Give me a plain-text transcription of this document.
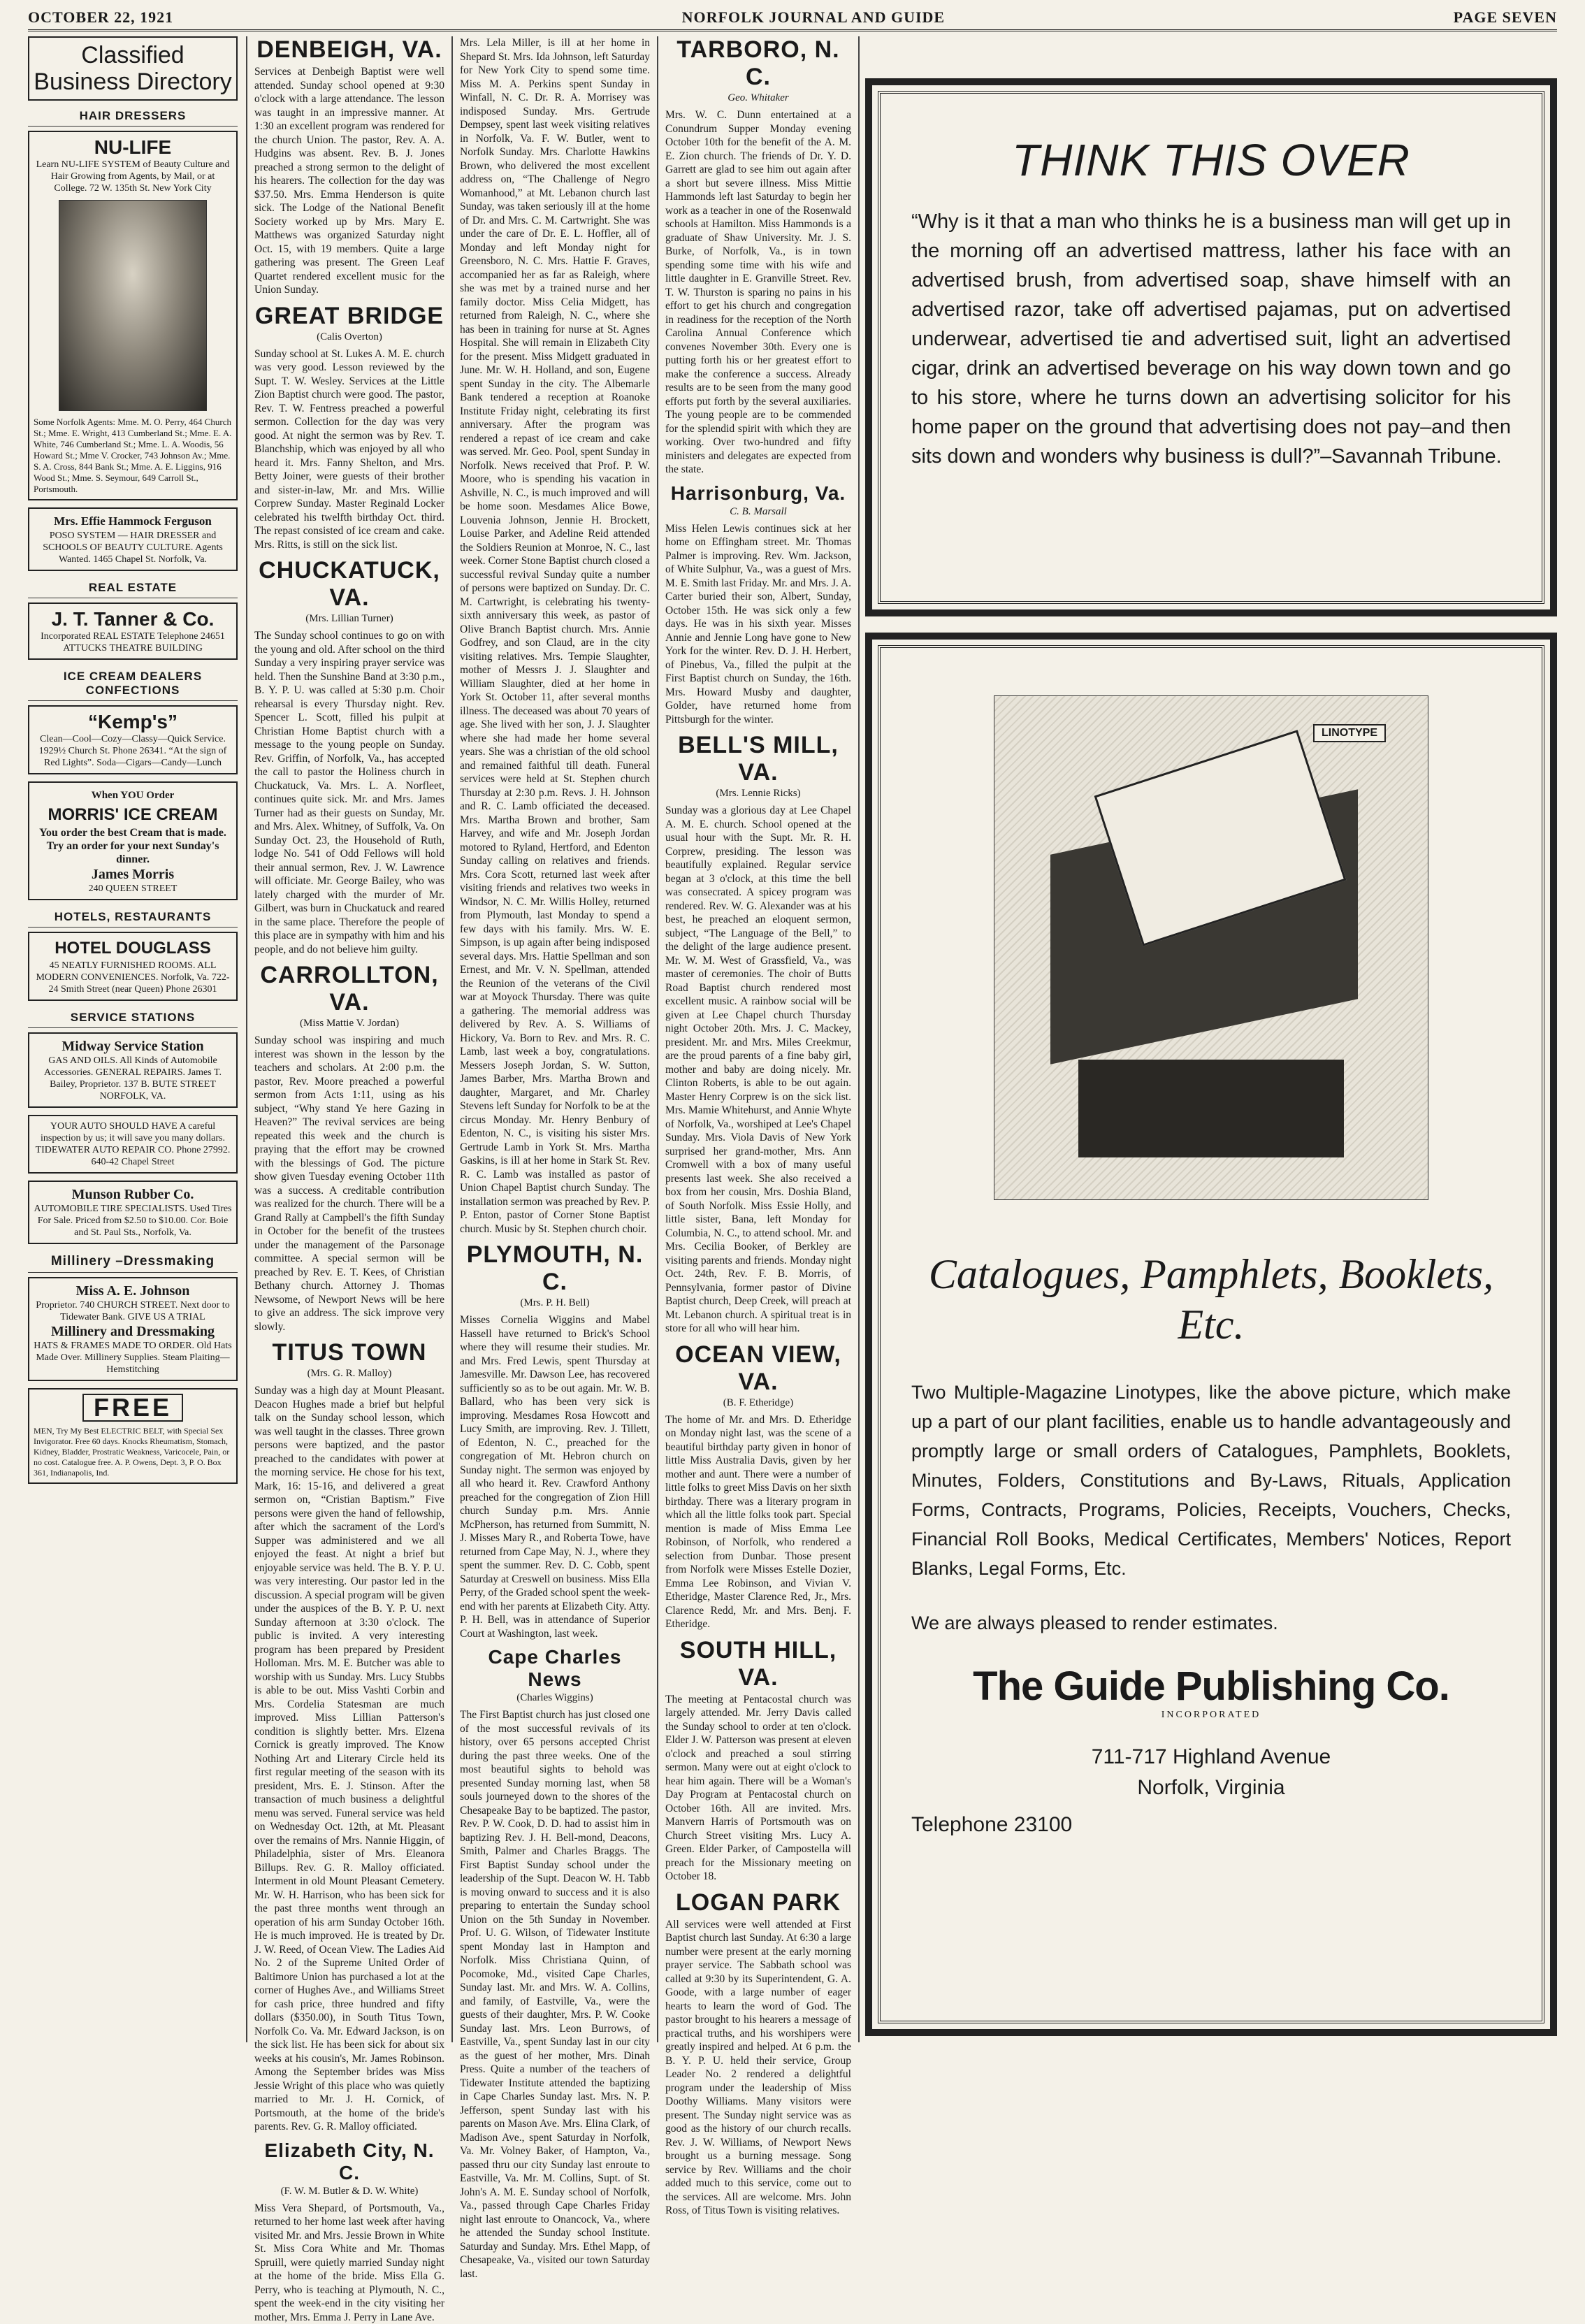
OCTOBER 22, 1921	NORFOLK JOURNAL AND GUIDE	PAGE SEVEN
Classified Business Directory
HAIR DRESSERS
NU-LIFE
Learn NU-LIFE SYSTEM of Beauty Culture and Hair Growing from Agents, by Mail, or at College. 72 W. 135th St. New York City
Some Norfolk Agents: Mme. M. O. Perry, 464 Church St.; Mme. E. Wright, 413 Cumberland St.; Mme. E. A. White, 746 Cumberland St.; Mme. L. A. Woodis, 56 Howard St.; Mme V. Crocker, 743 Johnson Av.; Mme. S. A. Cross, 844 Bank St.; Mme. A. E. Liggins, 916 Wood St.; Mme. S. Seymour, 649 Carroll St., Portsmouth.
Mrs. Effie Hammock Ferguson
POSO SYSTEM — HAIR DRESSER and SCHOOLS OF BEAUTY CULTURE. Agents Wanted. 1465 Chapel St. Norfolk, Va.
REAL ESTATE
J. T. Tanner & Co.
Incorporated REAL ESTATE Telephone 24651 ATTUCKS THEATRE BUILDING
ICE CREAM DEALERS CONFECTIONS
“Kemp's”
Clean—Cool—Cozy—Classy—Quick Service. 1929½ Church St. Phone 26341. “At the sign of Red Lights”. Soda—Cigars—Candy—Lunch
When YOU Order
MORRIS' ICE CREAM
You order the best Cream that is made. Try an order for your next Sunday's dinner.
James Morris
240 QUEEN STREET
HOTELS, RESTAURANTS
HOTEL DOUGLASS
45 NEATLY FURNISHED ROOMS. ALL MODERN CONVENIENCES. Norfolk, Va. 722-24 Smith Street (near Queen) Phone 26301
SERVICE STATIONS
Midway Service Station
GAS AND OILS. All Kinds of Automobile Accessories. GENERAL REPAIRS. James T. Bailey, Proprietor. 137 B. BUTE STREET NORFOLK, VA.
YOUR AUTO SHOULD HAVE A careful inspection by us; it will save you many dollars. TIDEWATER AUTO REPAIR CO. Phone 27992. 640-42 Chapel Street
Munson Rubber Co.
AUTOMOBILE TIRE SPECIALISTS. Used Tires For Sale. Priced from $2.50 to $10.00. Cor. Boie and St. Paul Sts., Norfolk, Va.
Millinery –Dressmaking
Miss A. E. Johnson
Proprietor. 740 CHURCH STREET. Next door to Tidewater Bank. GIVE US A TRIAL
Millinery and Dressmaking
HATS & FRAMES MADE TO ORDER. Old Hats Made Over. Millinery Supplies. Steam Plaiting—Hemstitching
FREE
MEN, Try My Best ELECTRIC BELT, with Special Sex Invigorator. Free 60 days. Knocks Rheumatism, Stomach, Kidney, Bladder, Prostratic Weakness, Varicocele, Pain, or no cost. Catalogue free. A. P. Owens, Dept. 3, P. O. Box 361, Indianapolis, Ind.
DENBEIGH, VA.

Services at Denbeigh Baptist were well attended. Sunday school opened at 9:30 o'clock with a large attendance. The lesson was taught in an impressive manner. At 1:30 an excellent program was rendered for the church Union. The pastor, Rev. A. A. Hudgins was absent. Rev. B. J. Jones preached a strong sermon to the delight of his hearers. The collection for the day was $37.50. Mrs. Emma Henderson is quite sick. The Lodge of the National Benefit Society worked up by Mrs. Mary E. Matthews was organized Saturday night Oct. 15, with 19 members. Quite a large gathering was present. The Green Leaf Quartet rendered excellent music for the Union Sunday.

GREAT BRIDGE
(Calis Overton)

Sunday school at St. Lukes A. M. E. church was very good. Lesson reviewed by the Supt. T. W. Wesley. Services at the Little Zion Baptist church were good. The pastor, Rev. T. W. Fentress preached a powerful sermon. Collection for the day was very good. At night the sermon was by Rev. T. Blanchship, which was enjoyed by all who heard it. Mrs. Fanny Shelton, and Mrs. Betty Joiner, were guests of their brother and sister-in-law, Mr. and Mrs. Willie Corprew Sunday. Master Reginald Locker celebrated his twelfth birthday Oct. third. The repast consisted of ice cream and cake. Mrs. Ritts, is still on the sick list.

CHUCKATUCK, VA.
(Mrs. Lillian Turner)

The Sunday school continues to go on with the young and old. After school on the third Sunday a very inspiring prayer service was held. Then the Sunshine Band at 3:30 p.m., B. Y. P. U. was called at 5:30 p.m. Choir rehearsal is every Thursday night. Rev. Spencer L. Scott, filled his pulpit at Christian Home Baptist church with a message to the young people on Sunday. Rev. Griffin, of Norfolk, Va., has accepted the call to pastor the Holiness church in Chuckatuck, Va. Mrs. L. A. Norfleet, continues quite sick. Mr. and Mrs. James Turner had as their guests on Sunday, Mr. and Mrs. Alex. Whitney, of Suffolk, Va. On Sunday Oct. 23, the Household of Ruth, lodge No. 541 of Odd Fellows will hold their annual sermon, Rev. J. W. Lawrence will officiate. Mr. George Bailey, who was lately charged with the murder of Mr. Gilbert, was burn in Chuckatuck and reared in the same place. Therefore the people of this place are in sympathy with him and his people, and do not believe him guilty.

CARROLLTON, VA.
(Miss Mattie V. Jordan)

Sunday school was inspiring and much interest was shown in the lesson by the teachers and scholars. At 2:00 p.m. the pastor, Rev. Moore preached a powerful sermon from Acts 1:11, using as his subject, “Why stand Ye here Gazing in Heaven?” The revival services are being repeated this week and the church is praying that the effort may be crowned with the blessings of God. The picture show given Tuesday evening October 11th was a success. A creditable contribution was realized for the church. There will be a Grand Rally at Campbell's the fifth Sunday in October for the benefit of the trustees under the management of the Parsonage committee. A special sermon will be preached by Rev. E. T. Kees, of Christian Bethany church. Attorney J. Thomas Newsome, of Newport News will be here to give an address. The sick improve very slowly.

TITUS TOWN
(Mrs. G. R. Malloy)

Sunday was a high day at Mount Pleasant. Deacon Hughes made a brief but helpful talk on the Sunday school lesson, which was well taught in the classes. Three grown persons were baptized, and the pastor preached to the candidates with power at the morning service. He chose for his text, Mark, 16: 15-16, and delivered a great sermon on, “Cristian Baptism.” Five persons were given the hand of fellowship, after which the sacrament of the Lord's Supper was administered and we all enjoyed the feast. At night a brief but enjoyable service was held. The B. Y. P. U. was very interesting. Our pastor led in the discussion. A special program will be given under the auspices of the B. Y. P. U. next Sunday afternoon at 3:30 o'clock. The public is invited. A very interesting program has been prepared by President Holloman. Mrs. M. E. Butcher was able to worship with us Sunday. Mrs. Lucy Stubbs is able to be out. Miss Vashti Corbin and Mrs. Cordelia Statesman are much improved. Miss Lillian Patterson's condition is slightly better. Mrs. Elzena Cornick is greatly improved. The Know Nothing Art and Literary Circle held its first regular meeting of the season with its president, Mrs. E. J. Stinson. After the transaction of much business a delightful menu was served. Funeral service was held on Wednesday Oct. 12th, at Mt. Pleasant over the remains of Mrs. Nannie Higgin, of Philadelphia, sister of Mrs. Eleanora Billups. Rev. G. R. Malloy officiated. Interment in old Mount Pleasant Cemetery. Mr. W. H. Harrison, who has been sick for the past three months went through an operation of his arm Sunday October 16th. He is much improved. He is treated by Dr. J. W. Reed, of Ocean View. The Ladies Aid No. 2 of the Supreme United Order of Baltimore Union has purchased a lot at the corner of Hughes Ave., and Williams Street for cash price, three hundred and fifty dollars ($350.00), in South Titus Town, Norfolk Co. Va. Mr. Edward Jackson, is on the sick list. He has been sick for about six weeks at his cousin's, Mr. James Robinson. Among the September brides was Miss Jessie Wright of this place who was quietly married to Mr. J. H. Cornick, of Portsmouth, at the home of the bride's parents. Rev. G. R. Malloy officiated.

Elizabeth City, N. C.
(F. W. M. Butler & D. W. White)

Miss Vera Shepard, of Portsmouth, Va., returned to her home last week after having visited Mr. and Mrs. Jessie Brown in White St. Miss Cora White and Mr. Thomas Spruill, were quietly married Sunday night at the home of the bride. Miss Ella G. Perry, who is teaching at Plymouth, N. C., spent the week-end in the city visiting her mother, Mrs. Emma J. Perry in Lane Ave.

Mrs. Lela Miller, is ill at her home in Shepard St. Mrs. Ida Johnson, left Saturday for New York City to spend some time. Miss M. A. Perkins spent Sunday in Winfall, N. C. Dr. R. A. Morrisey was indisposed Sunday. Mrs. Gertrude Dempsey, spent last week visiting relatives in Norfolk, Va. F. W. Butler, went to Norfolk Sunday. Mrs. Charlotte Hawkins Brown, who delivered the most excellent address on, “The Challenge of Negro Womanhood,” at Mt. Lebanon church last Sunday, was taken seriously ill at the home of Dr. and Mrs. C. M. Cartwright. She was under the care of Dr. E. L. Hoffler, all of Monday and left Monday night for Greensboro, N. C. Mrs. Hattie F. Graves, accompanied her as far as Raleigh, where she was met by a trained nurse and her family doctor. Miss Celia Midgett, has returned from Raleigh, N. C., where she has been in training for nurse at St. Agnes Hospital. She will remain in Elizabeth City for the present. Miss Midgett graduated in June. Mr. W. H. Holland, and son, Eugene spent Sunday in the city. The Albemarle Bank tendered a reception at Roanoke Institute Friday night, celebrating its first anniversary. After the program was rendered a repast of ice cream and cake was served. Mr. Geo. Pool, spent Sunday in Norfolk. News received that Prof. P. W. Moore, who is spending his vacation in Ashville, N. C., is much improved and will be home soon. Mesdames Alice Bowe, Louvenia Johnson, Jennie H. Brockett, Louise Parker, and Adeline Reid attended the Soldiers Reunion at Monroe, N. C., last week. Corner Stone Baptist church closed a successful revival Sunday quite a number of persons were baptized on Sunday. Dr. C. M. Cartwright, is celebrating his twenty-sixth anniversary this week, as pastor of Olive Branch Baptist church. Mrs. Annie Godfrey, and son Claud, are in the city visiting relatives. Mrs. Tempie Slaughter, mother of Messrs J. J. Slaughter and William Slaughter, died at her home in York St. October 11, after several months illness. The deceased was about 70 years of age. She lived with her son, J. J. Slaughter where she had made her home several years. She was a christian of the old school and remained faithful till death. Funeral services were held at St. Stephen church Thursday at 2:30 p.m. Revs. J. H. Johnson and R. C. Lamb officiated the deceased. Mrs. Martha Brown and brother, Sam Harvey, and wife and Mr. Joseph Jordan motored to Ryland, Hertford, and Edenton Sunday calling on relatives and friends. Mrs. Cora Scott, returned last week after visiting friends and relatives two weeks in Windsor, N. C. Mr. Willis Holley, returned from Plymouth, last Monday to spend a few days with his family. Mrs. W. E. Simpson, is up again after being indisposed several days. Mrs. Hattie Spellman and son Ernest, and Mr. V. N. Spellman, attended the Reunion of the veterans of the Civil war at Moyock Thursday. There was quite a gathering. The memorial address was delivered by Rev. A. S. Williams of Hickory, Va. Born to Rev. and Mrs. R. C. Lamb, last week a boy, congratulations. Messers Joseph Jordan, S. W. Sutton, James Barber, Mrs. Martha Brown and daughter, Margaret, and Mr. Charley Stevens left Sunday for Norfolk to be at the circus Monday. Mr. Henry Benbury of Edenton, N. C., is visiting his sister Mrs. Gertrude Lamb in York St. Mrs. Martha Gaskins, is ill at her home in Stark St. Rev. R. C. Lamb was installed as pastor of Union Chapel Baptist church Sunday. The installation sermon was preached by Rev. P. P. Enton, pastor of Corner Stone Baptist church. Music by St. Stephen church choir.

PLYMOUTH, N. C.
(Mrs. P. H. Bell)

Misses Cornelia Wiggins and Mabel Hassell have returned to Brick's School where they will resume their studies. Mr. and Mrs. Fred Lewis, spent Thursday at Jamesville. Mr. Dawson Lee, has recovered sufficiently so as to be out again. Mr. W. B. Ballard, who has been very sick is improving. Mesdames Rosa Howcott and Lucy Smith, are improving. Rev. J. Tillett, of Edenton, N. C., preached for the congregation of Mt. Hebron church on Sunday night. The sermon was enjoyed by all who heard it. Rev. Crawford Anthony preached for the congregation of Zion Hill church Sunday p.m. Mrs. Annie McPherson, has returned from Summitt, N. J. Misses Mary R., and Roberta Towe, have returned from Cape May, N. J., where they spent the summer. Rev. D. C. Cobb, spent Saturday at Creswell on business. Miss Ella Perry, of the Graded school spent the week-end with her parents at Elizabeth City. Atty. P. H. Bell, was in attendance of Superior Court at Washington, last week.

Cape Charles News
(Charles Wiggins)

The First Baptist church has just closed one of the most successful revivals of its history, over 65 persons accepted Christ during the past three weeks. One of the most beautiful sights to behold was presented Sunday morning last, when 58 souls journeyed down to the shores of the Chesapeake Bay to be baptized. The pastor, Rev. P. W. Cook, D. D. had to assist him in baptizing Rev. J. H. Bell-mond, Deacons, Smith, Palmer and Charles Braggs. The First Baptist Sunday school under the leadership of the Supt. Deacon W. H. Tabb is moving onward to success and it is also preparing to entertain the Sunday school Union on the 5th Sunday in November. Prof. U. G. Wilson, of Tidewater Institute spent Monday last in Hampton and Norfolk. Miss Christiana Quinn, of Pocomoke, Md., visited Cape Charles, Sunday last. Mr. and Mrs. W. A. Collins, and family, of Eastville, Va., were the guests of their daughter, Mrs. P. W. Cooke Sunday last. Mrs. Leon Burrows, of Eastville, Va., spent Sunday last in our city as the guest of her mother, Mrs. Dinah Press. Quite a number of the teachers of Tidewater Institute attended the baptizing in Cape Charles Sunday last. Mrs. N. P. Jefferson, spent Sunday last with his parents on Mason Ave. Mrs. Elina Clark, of Madison Ave., spent Saturday in Norfolk, Va. Mr. Volney Baker, of Hampton, Va., passed thru our city Sunday last enroute to Eastville, Va. Mr. M. Collins, Supt. of St. John's A. M. E. Sunday school of Norfolk, Va., passed through Cape Charles Friday night last enroute to Onancock, Va., where he attended the Sunday school Institute. Saturday and Sunday. Mrs. Ethel Mapp, of Chesapeake, Va., visited our town Saturday last.

TARBORO, N. C.
Geo. Whitaker

Mrs. W. C. Dunn entertained at a Conundrum Supper Monday evening October 10th for the benefit of the A. M. E. Zion church. The friends of Dr. Y. D. Garrett are glad to see him out again after a short but severe illness. Miss Mittie Hammonds left last Saturday to begin her work as a teacher in one of the Rosenwald schools at Hamilton. Miss Hammonds is a graduate of Shaw University. Mr. J. S. Burke, of Norfolk, Va., is in town spending some time with his wife and little daughter in E. Granville Street. Rev. T. W. Thurston is sparing no pains in his effort to get his church and congregation in readiness for the reception of the North Carolina Annual Conference which convenes November 30th. Every one is putting forth his or her greatest effort to make the conference a success. Already results are to be seen from the many good efforts put forth by the several auxiliaries. The young people are to be commended for the splendid spirit with which they are working. Over two-hundred and fifty ministers and delegates are expected from the state.

Harrisonburg, Va.
C. B. Marsall

Miss Helen Lewis continues sick at her home on Effingham street. Mr. Thomas Palmer is improving. Rev. Wm. Jackson, of White Sulphur, Va., was a guest of Mrs. M. E. Smith last Friday. Mr. and Mrs. J. A. Carter buried their son, Albert, Sunday, October 15th. He was sick only a few days. He was in his sixth year. Misses Annie and Jennie Long have gone to New York for the winter. Rev. D. J. H. Herbert, of Pinebus, Va., filled the pulpit at the First Baptist church on Sunday, the 16th. Mrs. Howard Musby and daughter, Golder, have returned home from Pittsburgh for the winter.

BELL'S MILL, VA.
(Mrs. Lennie Ricks)

Sunday was a glorious day at Lee Chapel A. M. E. church. School opened at the usual hour with the Supt. Mr. R. H. Corprew, presiding. The lesson was beautifully explained. Regular service began at 3 o'clock, at this time the bell was consecrated. A spicey program was rendered. Rev. W. G. Alexander was at his best, he preached an eloquent sermon, subject, “The Language of the Bell,” to the delight of the large audience present. Mr. W. M. West of Grassfield, Va., was master of ceremonies. The choir of Butts Road Baptist church rendered most excellent music. A rainbow social will be given at Lee Chapel church Thursday night October 20th. Mrs. J. C. Mackey, president. Mr. and Mrs. Miles Creekmur, are the proud parents of a fine baby girl, mother and baby are doing nicely. Mr. Clinton Roberts, is able to be out again. Master Henry Corprew is on the sick list. Mrs. Mamie Whitehurst, and Annie Whyte of Norfolk, Va., worshiped at Lee's Chapel Sunday. Mrs. Viola Davis of New York surprised her grand-mother, Mrs. Ann Cromwell with a box of many useful presents last week. She also received a box from her cousin, Mrs. Doshia Bland, of South Norfolk. Miss Essie Holly, and little sister, Bana, left Monday for Columbia, N. C., to attend school. Mr. and Mrs. Cecilia Booker, of Berkley are visiting parents and friends. Monday night Oct. 24th, Rev. F. B. Morris, of Pennsylvania, former pastor of Divine Baptist church, Deep Creek, will preach at Mt. Lebanon church. A spiritual treat is in store for all who will hear him.

OCEAN VIEW, VA.
(B. F. Etheridge)

The home of Mr. and Mrs. D. Etheridge on Monday night last, was the scene of a beautiful birthday party given in honor of little Miss Australia Davis, given by her mother and aunt. There were a number of little folks to greet Miss Davis on her sixth birthday. There was a literary program in which all the little folks took part. Special mention is made of Miss Emma Lee Robinson, of Norfolk, who rendered a selection from Dunbar. Those present from Norfolk were Misses Estelle Dozier, Emma Lee Robinson, and Vivian V. Etheridge, Master Clarence Red, Jr., Mrs. Clarence Redd, Mr. and Mrs. Benj. F. Etheridge.

SOUTH HILL, VA.

The meeting at Pentacostal church was largely attended. Mr. Jerry Davis called the Sunday school to order at ten o'clock. Elder J. W. Patterson was present at eleven o'clock and preached a soul stirring sermon. Many were out at eight o'clock to hear him again. There will be a Woman's Day Program at Pentacostal church on October 16th. All are invited. Mrs. Manvern Harris of Portsmouth was on Church Street visiting Mrs. Lucy A. Green. Elder Parker, of Campostella will preach for the Missionary meeting on October 18.

LOGAN PARK

All services were well attended at First Baptist church last Sunday. At 6:30 a large number were present at the early morning prayer service. The Sabbath school was called at 9:30 by its Superintendent, G. A. Goode, with a large number of eager hearts to learn the word of God. The pastor brought to his hearers a message of practical truths, and his worshipers were greatly inspired and helped. At 6 p.m. the B. Y. P. U. held their service, Group Leader No. 2 rendered a delightful program under the leadership of Miss Doothy Williams. Many visitors were present. The Sunday night service was as good as the history of our church recalls. Rev. J. W. Williams, of Newport News brought us a burning message. Song service by Rev. Williams and the choir added much to this service, come out to the services. All are welcome. Mrs. John Ross, of Titus Town is visiting relatives.

THINK THIS OVER

“Why is it that a man who thinks he is a business man will get up in the morning off an advertised mattress, lather his face with an advertised brush, from advertised soap, shave himself with an advertised razor, take off advertised pajamas, put on advertised underwear, advertised tie and advertised suit, light an advertised cigar, drink an advertised beverage on his way down town and go to his store, where he turns down an advertising solicitor for his home paper on the ground that advertising does not pay–and then sits down and wonders why business is dull?”–Savannah Tribune.

LINOTYPE
Catalogues, Pamphlets, Booklets, Etc.

Two Multiple-Magazine Linotypes, like the above picture, which make up a part of our plant facilities, enable us to handle advantageously and promptly large or small orders of Catalogues, Pamphlets, Booklets, Minutes, Folders, Constitutions and By-Laws, Rituals, Application Forms, Contracts, Programs, Policies, Receipts, Vouchers, Checks, Financial Roll Books, Medical Certificates, Members' Notices, Report Blanks, Legal Forms, Etc.

We are always pleased to render estimates.

The Guide Publishing Co.
INCORPORATED
711-717 Highland Avenue
Norfolk, Virginia
Telephone 23100
